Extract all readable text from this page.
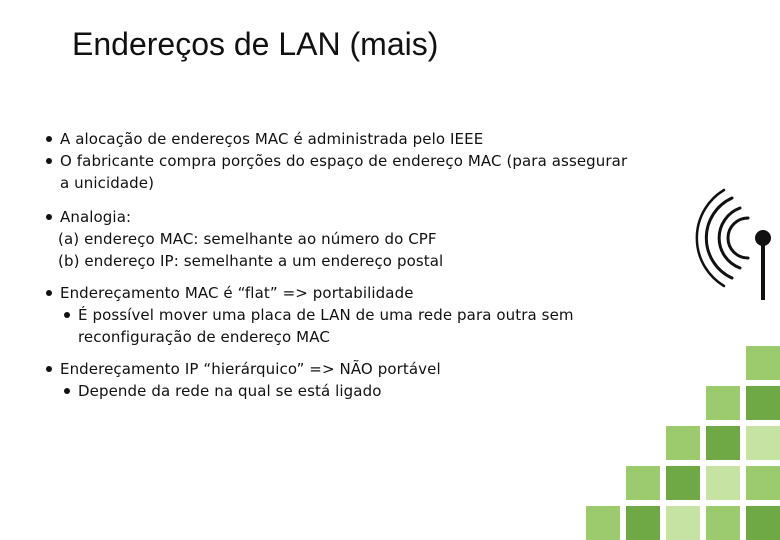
Endereços de LAN (mais)

A alocação de endereços MAC é administrada pelo IEEE

O fabricante compra porções do espaço de endereço MAC (para assegurar
a unicidade)

Analogia:

(a) endereço MAC: semelhante ao número do CPF

(b) endereço IP: semelhante a um endereço postal

Endereçamento MAC é “flat” => portabilidade

É possível mover uma placa de LAN de uma rede para outra sem
reconfiguração de endereço MAC

Endereçamento IP “hierárquico” => NÃO portável

Depende da rede na qual se está ligado
